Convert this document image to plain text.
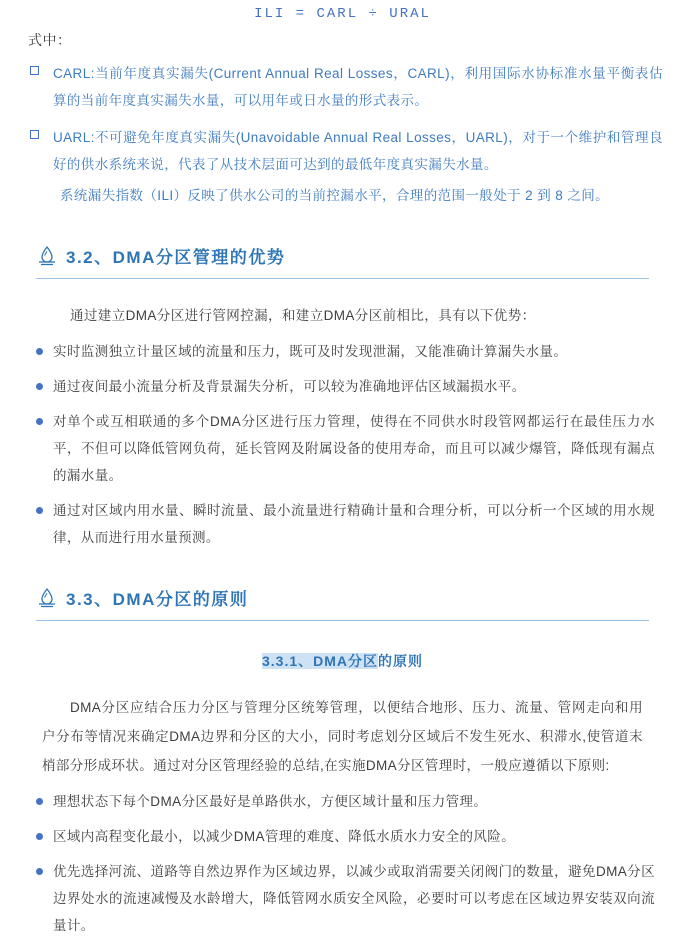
ILI = CARL ÷ URAL
式中：
CARL:当前年度真实漏失(Current Annual Real Losses，CARL)，利用国际水协标准水量平衡表估算的当前年度真实漏失水量，可以用年或日水量的形式表示。
UARL:不可避免年度真实漏失(Unavoidable Annual Real Losses，UARL)，对于一个维护和管理良好的供水系统来说，代表了从技术层面可达到的最低年度真实漏失水量。
系统漏失指数（ILI）反映了供水公司的当前控漏水平，合理的范围一般处于 2 到 8 之间。
3.2、DMA分区管理的优势
通过建立DMA分区进行管网控漏，和建立DMA分区前相比，具有以下优势：
实时监测独立计量区域的流量和压力，既可及时发现泄漏，又能准确计算漏失水量。
通过夜间最小流量分析及背景漏失分析，可以较为准确地评估区域漏损水平。
对单个或互相联通的多个DMA分区进行压力管理，使得在不同供水时段管网都运行在最佳压力水平，不但可以降低管网负荷，延长管网及附属设备的使用寿命，而且可以减少爆管，降低现有漏点的漏水量。
通过对区域内用水量、瞬时流量、最小流量进行精确计量和合理分析，可以分析一个区域的用水规律，从而进行用水量预测。
3.3、DMA分区的原则
3.3.1、DMA分区的原则
DMA分区应结合压力分区与管理分区统筹管理，以便结合地形、压力、流量、管网走向和用户分布等情况来确定DMA边界和分区的大小，同时考虑划分区域后不发生死水、积滞水,使管道末梢部分形成环状。通过对分区管理经验的总结,在实施DMA分区管理时，一般应遵循以下原则:
理想状态下每个DMA分区最好是单路供水，方便区域计量和压力管理。
区域内高程变化最小，以减少DMA管理的难度、降低水质水力安全的风险。
优先选择河流、道路等自然边界作为区域边界，以减少或取消需要关闭阀门的数量，避免DMA分区边界处水的流速减慢及水龄增大，降低管网水质安全风险，必要时可以考虑在区域边界安装双向流量计。
